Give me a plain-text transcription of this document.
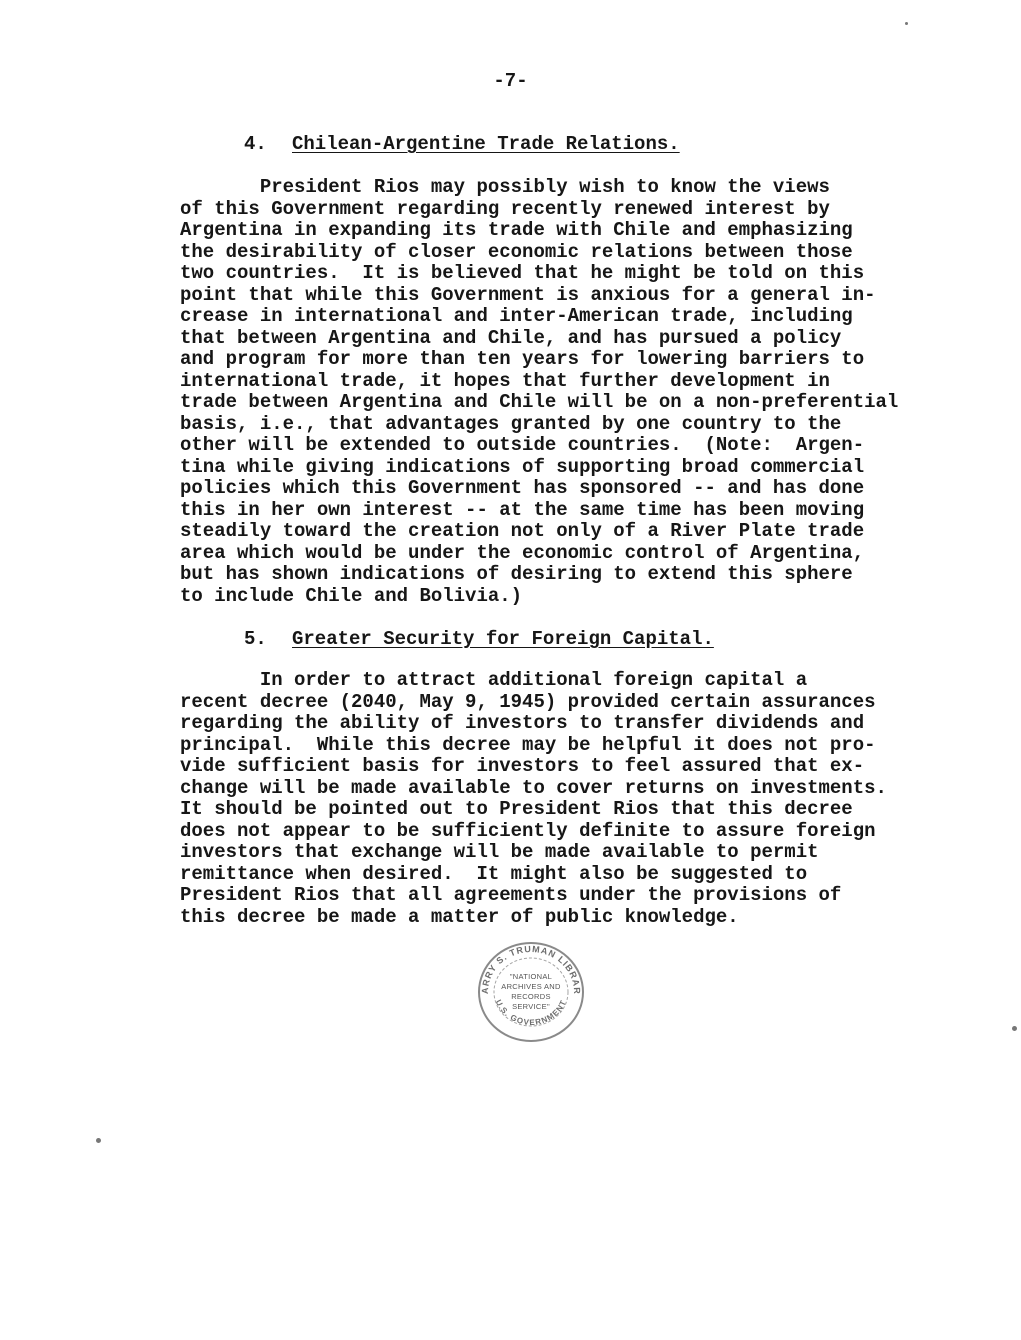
-7-
4. Chilean-Argentine Trade Relations.
President Rios may possibly wish to know the views
of this Government regarding recently renewed interest by
Argentina in expanding its trade with Chile and emphasizing
the desirability of closer economic relations between those
two countries.  It is believed that he might be told on this
point that while this Government is anxious for a general in-
crease in international and inter-American trade, including
that between Argentina and Chile, and has pursued a policy
and program for more than ten years for lowering barriers to
international trade, it hopes that further development in
trade between Argentina and Chile will be on a non-preferential
basis, i.e., that advantages granted by one country to the
other will be extended to outside countries.  (Note:  Argen-
tina while giving indications of supporting broad commercial
policies which this Government has sponsored -- and has done
this in her own interest -- at the same time has been moving
steadily toward the creation not only of a River Plate trade
area which would be under the economic control of Argentina,
but has shown indications of desiring to extend this sphere
to include Chile and Bolivia.)
5. Greater Security for Foreign Capital.
In order to attract additional foreign capital a
recent decree (2040, May 9, 1945) provided certain assurances
regarding the ability of investors to transfer dividends and
principal.  While this decree may be helpful it does not pro-
vide sufficient basis for investors to feel assured that ex-
change will be made available to cover returns on investments.
It should be pointed out to President Rios that this decree
does not appear to be sufficiently definite to assure foreign
investors that exchange will be made available to permit
remittance when desired.  It might also be suggested to
President Rios that all agreements under the provisions of
this decree be made a matter of public knowledge.
ARRY S. TRUMAN LIBRAR
U.S. GOVERNMENT
"NATIONAL
ARCHIVES AND
RECORDS
SERVICE"
